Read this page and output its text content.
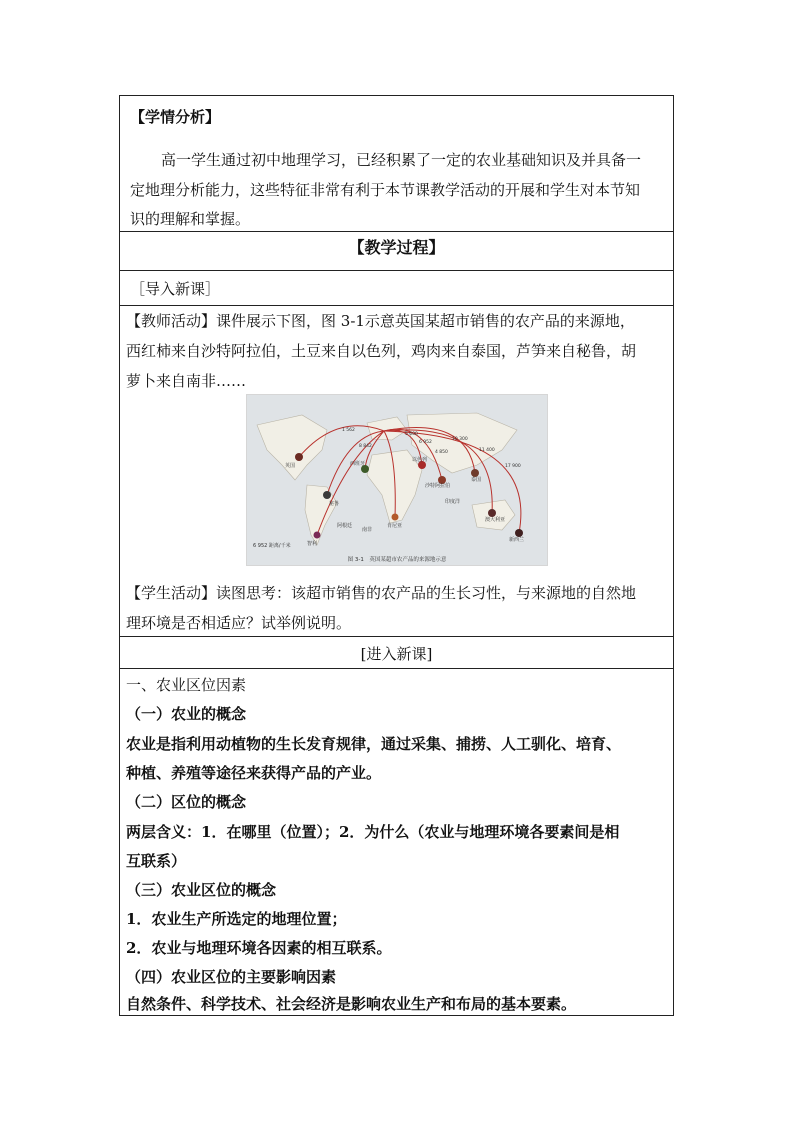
【学情分析】
高一学生通过初中地理学习，已经积累了一定的农业基础知识及并具备一
定地理分析能力，这些特征非常有利于本节课教学活动的开展和学生对本节知
识的理解和掌握。
【教学过程】
［导入新课］
【教师活动】课件展示下图，图 3-1示意英国某超市销售的农产品的来源地，
西红柿来自沙特阿拉伯，土豆来自以色列，鸡肉来自泰国，芦笋来自秘鲁，胡
萝卜来自南非……
英国	西班牙
以色列
沙特阿拉伯
泰国
肯尼亚
秘鲁
智利
南非
澳大利亚
新西兰
印度洋
阿根廷
1 562
8 842
5 600
6 952
4 850
10 300
11 400
17 900
6 952 距离/千米
图 3-1　英国某超市农产品的来源地示意
【学生活动】读图思考：该超市销售的农产品的生长习性，与来源地的自然地
理环境是否相适应？试举例说明。
[进入新课]
一、农业区位因素
（一）农业的概念
农业是指利用动植物的生长发育规律，通过采集、捕捞、人工驯化、培育、
种植、养殖等途径来获得产品的产业。
（二）区位的概念
两层含义：1．在哪里（位置）；2．为什么（农业与地理环境各要素间是相
互联系）
（三）农业区位的概念
1．农业生产所选定的地理位置；
2．农业与地理环境各因素的相互联系。
（四）农业区位的主要影响因素
自然条件、科学技术、社会经济是影响农业生产和布局的基本要素。
